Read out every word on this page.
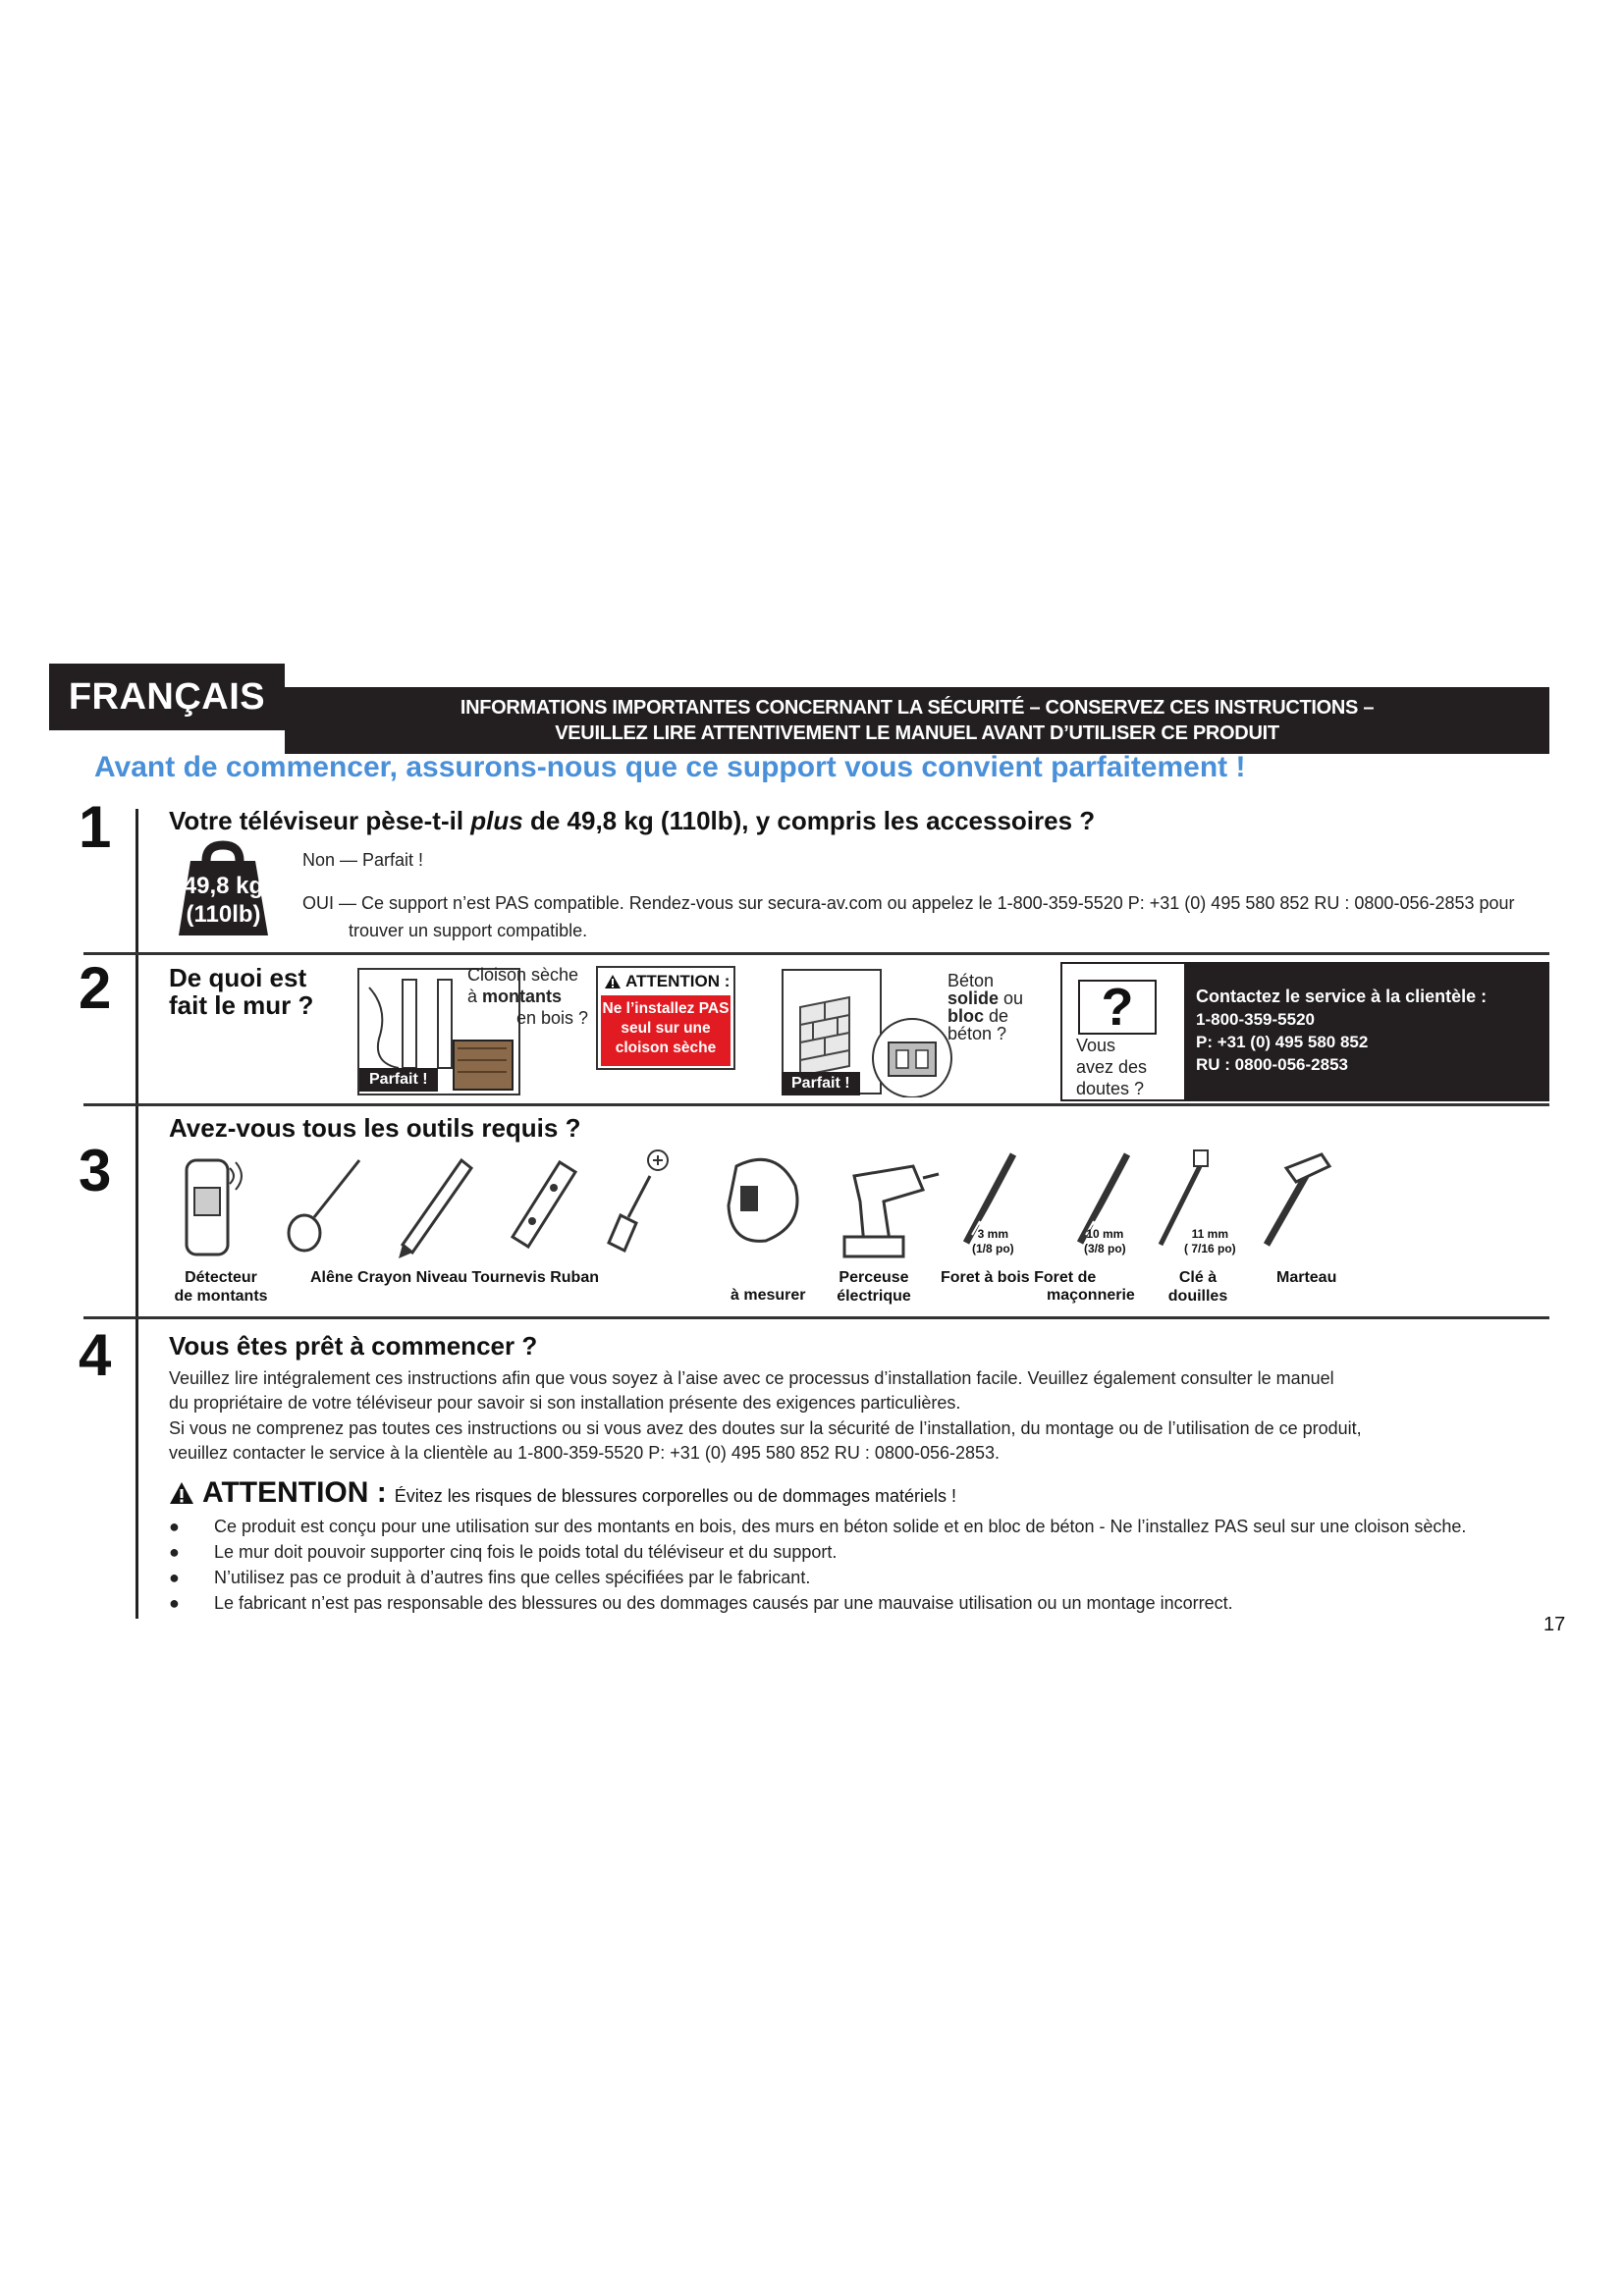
FRANÇAIS	INFORMATIONS IMPORTANTES CONCERNANT LA SÉCURITÉ – CONSERVEZ CES INSTRUCTIONS –
VEUILLEZ LIRE ATTENTIVEMENT LE MANUEL AVANT D’UTILISER CE PRODUIT
Avant de commencer, assurons-nous que ce support vous convient parfaitement !
1 Votre téléviseur pèse-t-il plus de 49,8 kg (110lb), y compris les accessoires ?
49,8 kg
(110lb)
Non — Parfait !
OUI — Ce support n’est PAS compatible. Rendez-vous sur secura-av.com ou appelez le 1-800-359-5520 P: +31 (0) 495 580 852 RU : 0800-056-2853 pour
trouver un support compatible.
2 De quoi est
fait le mur ?
Parfait !
Cloison sèche
à montants
en bois ?
ATTENTION :
Ne l’installez PAS
seul sur une
cloison sèche
Parfait !
Béton
solide ou
bloc de
béton ?	?
Vous
avez des
doutes ?
Contactez le service à la clientèle :
1-800-359-5520
P: +31 (0) 495 580 852
RU : 0800-056-2853
3
Avez-vous tous les outils requis ?
3 mm
(1/8 po)
10 mm
(3/8 po)
11 mm
( 7/16 po)
Détecteur
de montants
Alêne Crayon Niveau Tournevis Ruban
à mesurer
Perceuse
électrique
Foret à bois Foret de
maçonnerie
Clé à
douilles
Marteau
4 Vous êtes prêt à commencer ?
Veuillez lire intégralement ces instructions afin que vous soyez à l’aise avec ce processus d’installation facile. Veuillez également consulter le manuel
du propriétaire de votre téléviseur pour savoir si son installation présente des exigences particulières.
Si vous ne comprenez pas toutes ces instructions ou si vous avez des doutes sur la sécurité de l’installation, du montage ou de l’utilisation de ce produit,
veuillez contacter le service à la clientèle au 1-800-359-5520 P: +31 (0) 495 580 852 RU : 0800-056-2853.
ATTENTION : Évitez les risques de blessures corporelles ou de dommages matériels !
● Ce produit est conçu pour une utilisation sur des montants en bois, des murs en béton solide et en bloc de béton - Ne l’installez PAS seul sur une cloison sèche.
● Le mur doit pouvoir supporter cinq fois le poids total du téléviseur et du support.
● N’utilisez pas ce produit à d’autres fins que celles spécifiées par le fabricant.
● Le fabricant n’est pas responsable des blessures ou des dommages causés par une mauvaise utilisation ou un montage incorrect.
17
